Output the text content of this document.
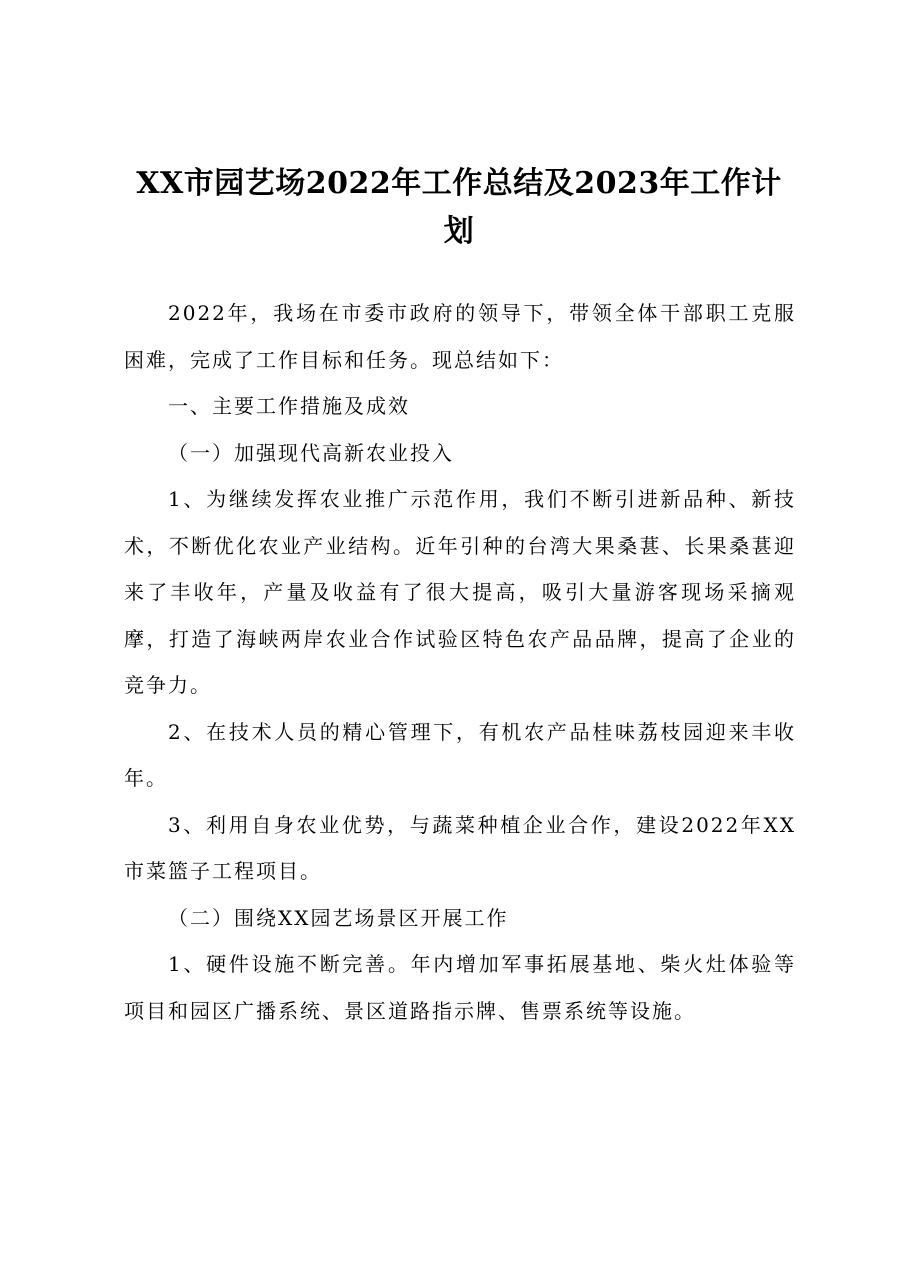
XX市园艺场2022年工作总结及2023年工作计划

2022年，我场在市委市政府的领导下，带领全体干部职工克服困难，完成了工作目标和任务。现总结如下：

一、主要工作措施及成效

（一）加强现代高新农业投入

1、为继续发挥农业推广示范作用，我们不断引进新品种、新技术，不断优化农业产业结构。近年引种的台湾大果桑葚、长果桑葚迎来了丰收年，产量及收益有了很大提高，吸引大量游客现场采摘观摩，打造了海峡两岸农业合作试验区特色农产品品牌，提高了企业的竞争力。

2、在技术人员的精心管理下，有机农产品桂味荔枝园迎来丰收年。

3、利用自身农业优势，与蔬菜种植企业合作，建设2022年XX市菜篮子工程项目。

（二）围绕XX园艺场景区开展工作

1、硬件设施不断完善。年内增加军事拓展基地、柴火灶体验等项目和园区广播系统、景区道路指示牌、售票系统等设施。
